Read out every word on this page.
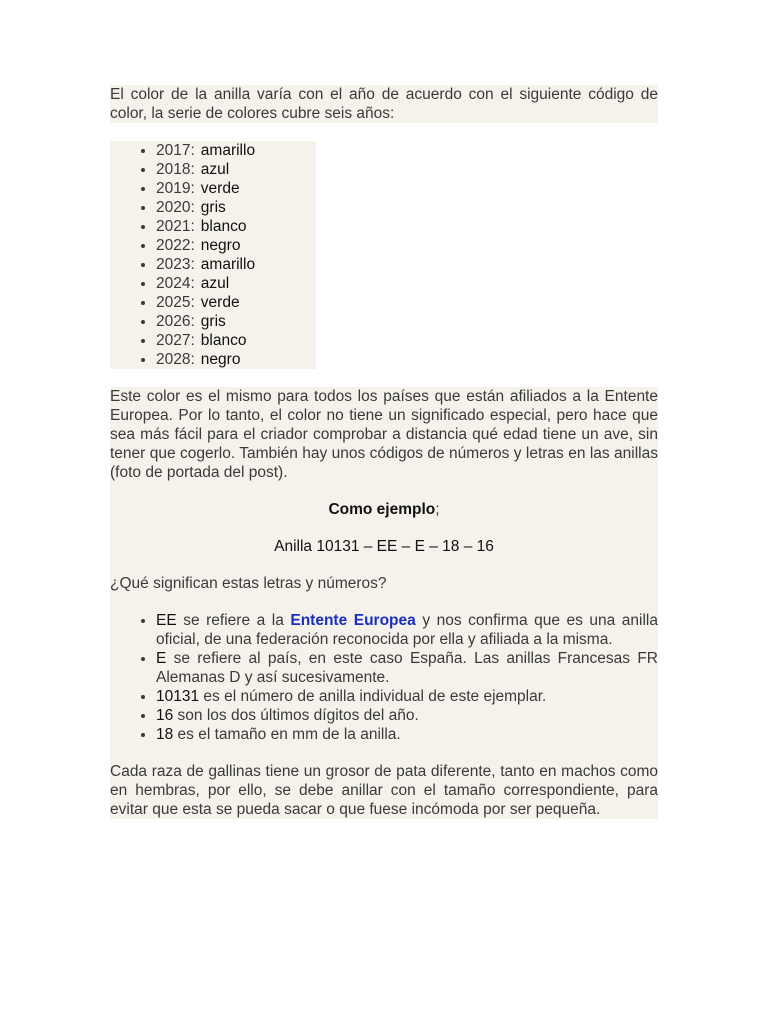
El color de la anilla varía con el año de acuerdo con el siguiente código de color, la serie de colores cubre seis años:

• 2017: amarillo
• 2018: azul
• 2019: verde
• 2020: gris
• 2021: blanco
• 2022: negro
• 2023: amarillo
• 2024: azul
• 2025: verde
• 2026: gris
• 2027: blanco
• 2028: negro

Este color es el mismo para todos los países que están afiliados a la Entente Europea. Por lo tanto, el color no tiene un significado especial, pero hace que sea más fácil para el criador comprobar a distancia qué edad tiene un ave, sin tener que cogerlo. También hay unos códigos de números y letras en las anillas (foto de portada del post).

Como ejemplo;

Anilla 10131 – EE – E – 18 – 16

¿Qué significan estas letras y números?

• EE se refiere a la Entente Europea y nos confirma que es una anilla oficial, de una federación reconocida por ella y afiliada a la misma.
• E se refiere al país, en este caso España. Las anillas Francesas FR Alemanas D y así sucesivamente.
• 10131 es el número de anilla individual de este ejemplar.
• 16 son los dos últimos dígitos del año.
• 18 es el tamaño en mm de la anilla.

Cada raza de gallinas tiene un grosor de pata diferente, tanto en machos como en hembras, por ello, se debe anillar con el tamaño correspondiente, para evitar que esta se pueda sacar o que fuese incómoda por ser pequeña.
